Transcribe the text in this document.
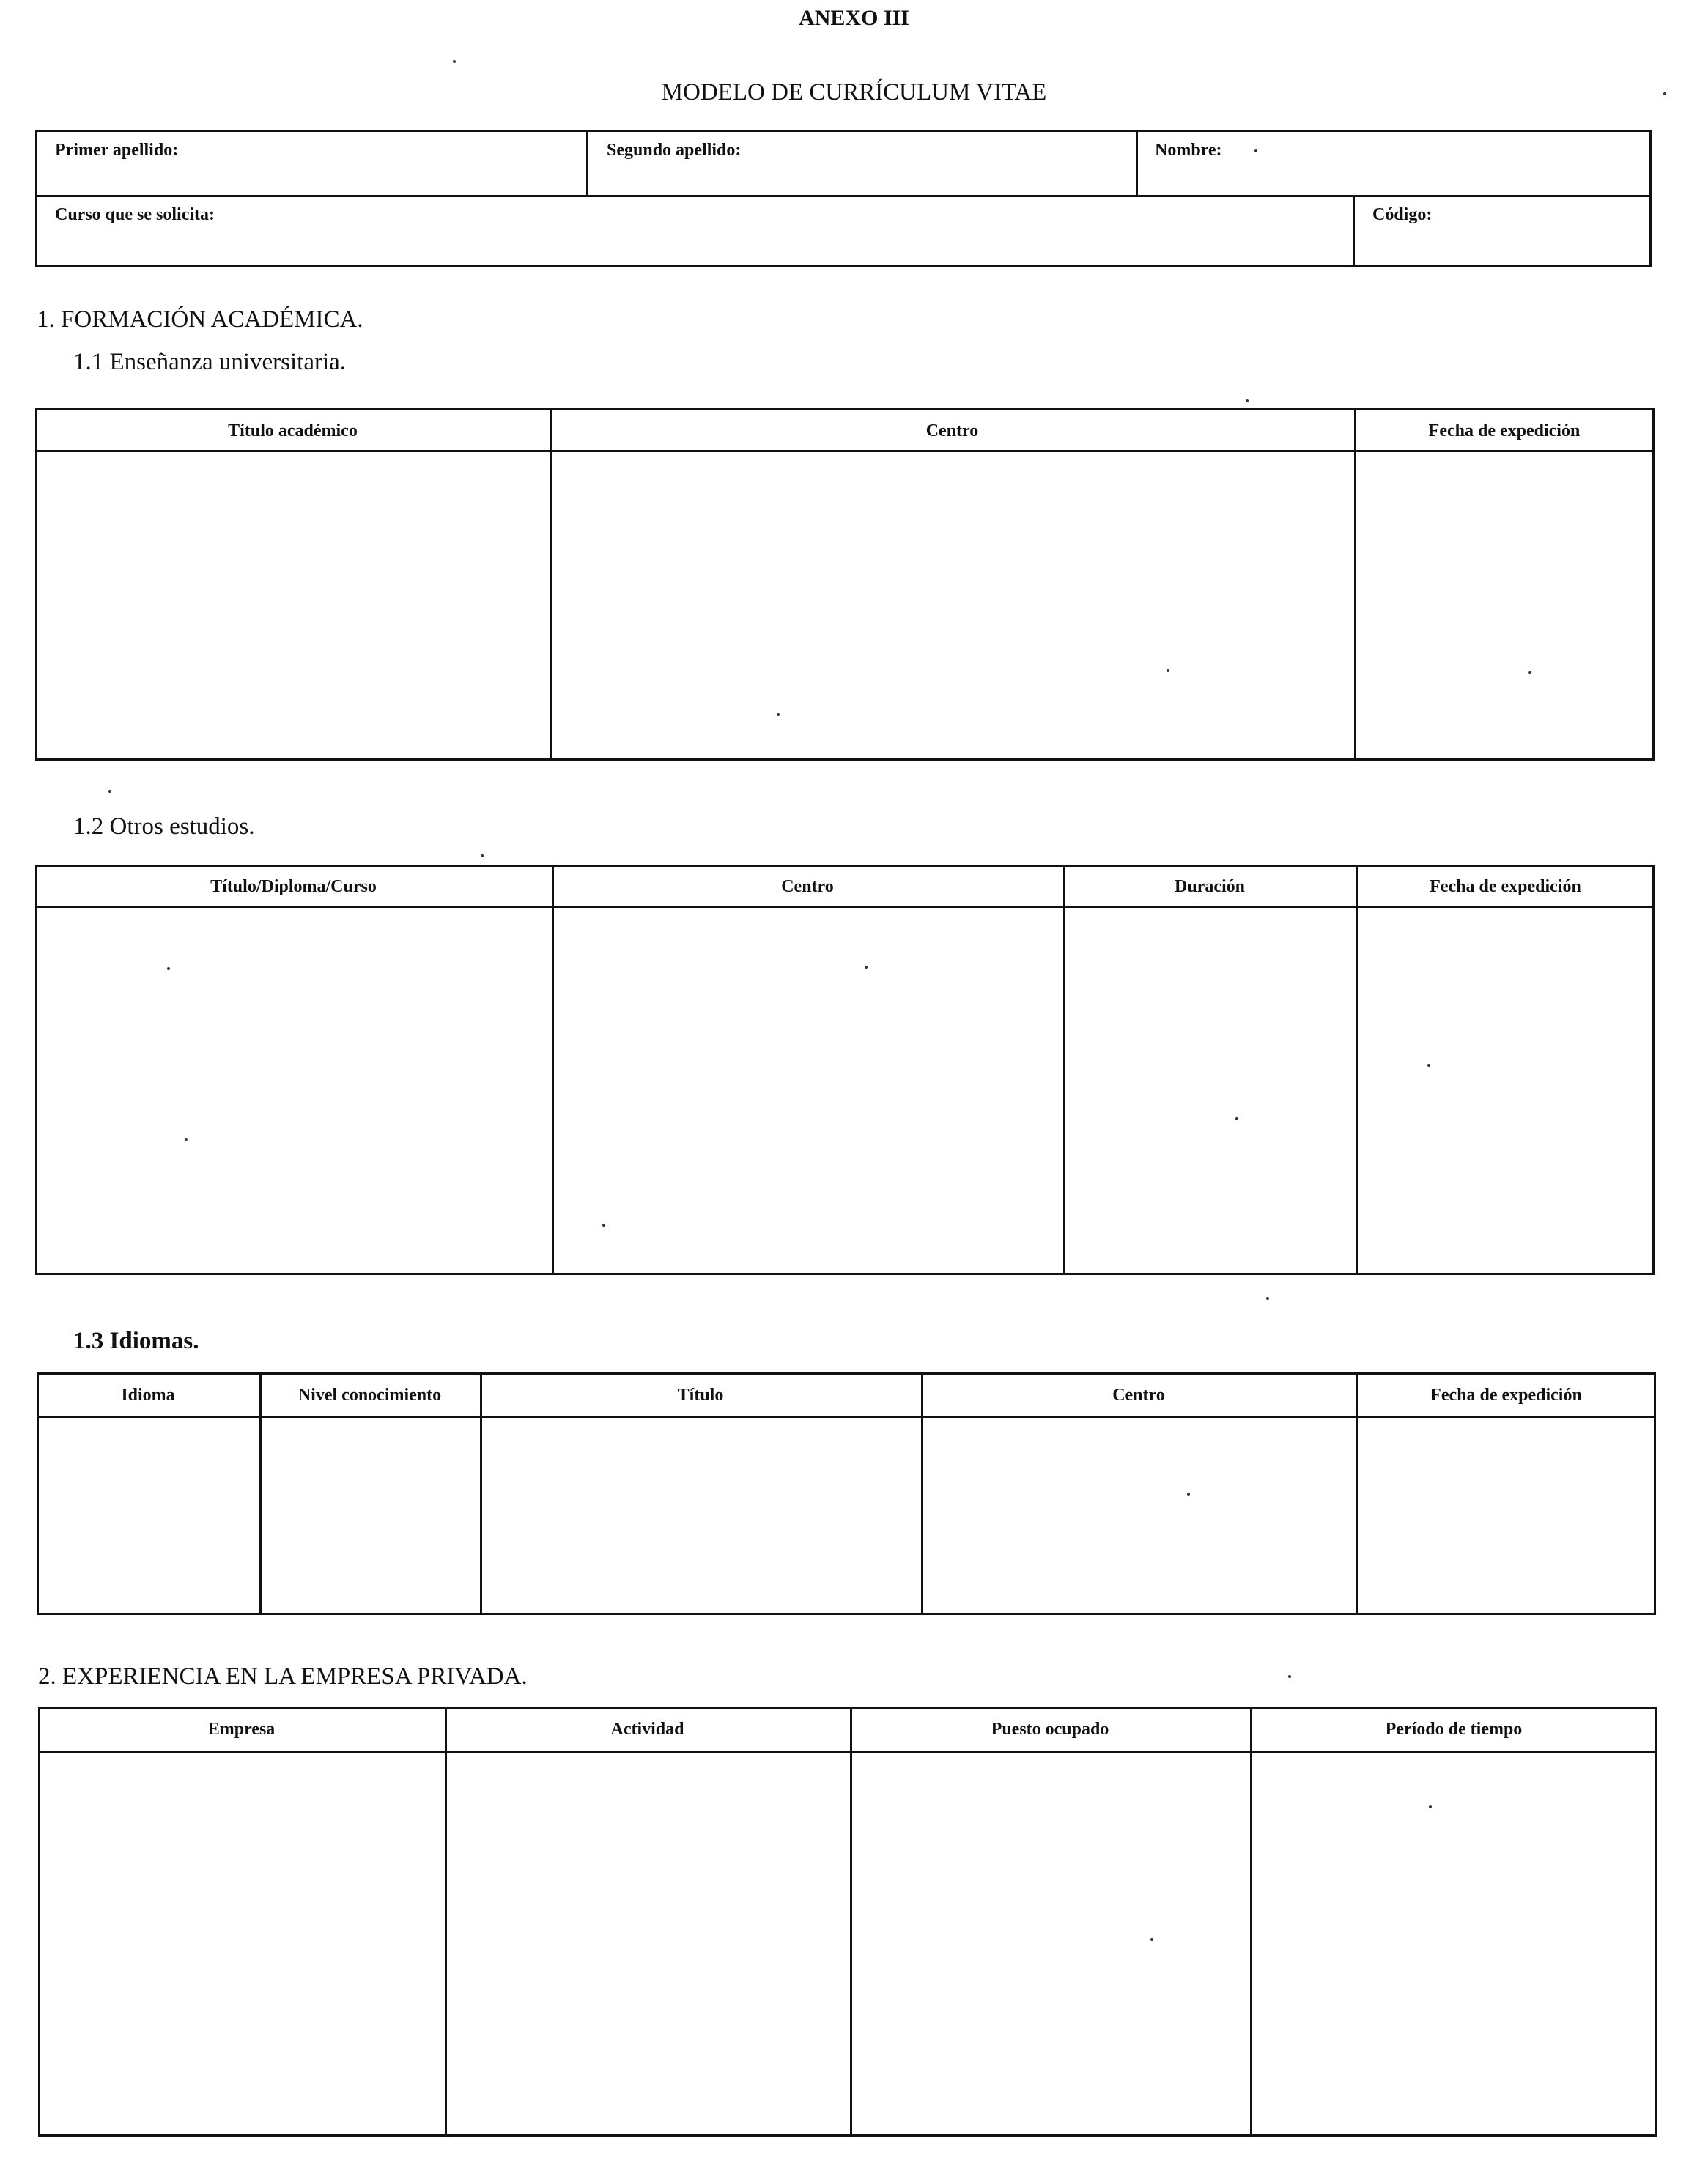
ANEXO III
MODELO DE CURRÍCULUM VITAE
Primer apellido:	Segundo apellido:	Nombre:
Curso que se solicita:	Código:
1. FORMACIÓN ACADÉMICA.
1.1 Enseñanza universitaria.
Título académico	Centro	Fecha de expedición
1.2 Otros estudios.
Título/Diploma/Curso	Centro	Duración	Fecha de expedición
1.3 Idiomas.
Idioma	Nivel conocimiento	Título	Centro	Fecha de expedición
2. EXPERIENCIA EN LA EMPRESA PRIVADA.
Empresa	Actividad	Puesto ocupado	Período de tiempo
